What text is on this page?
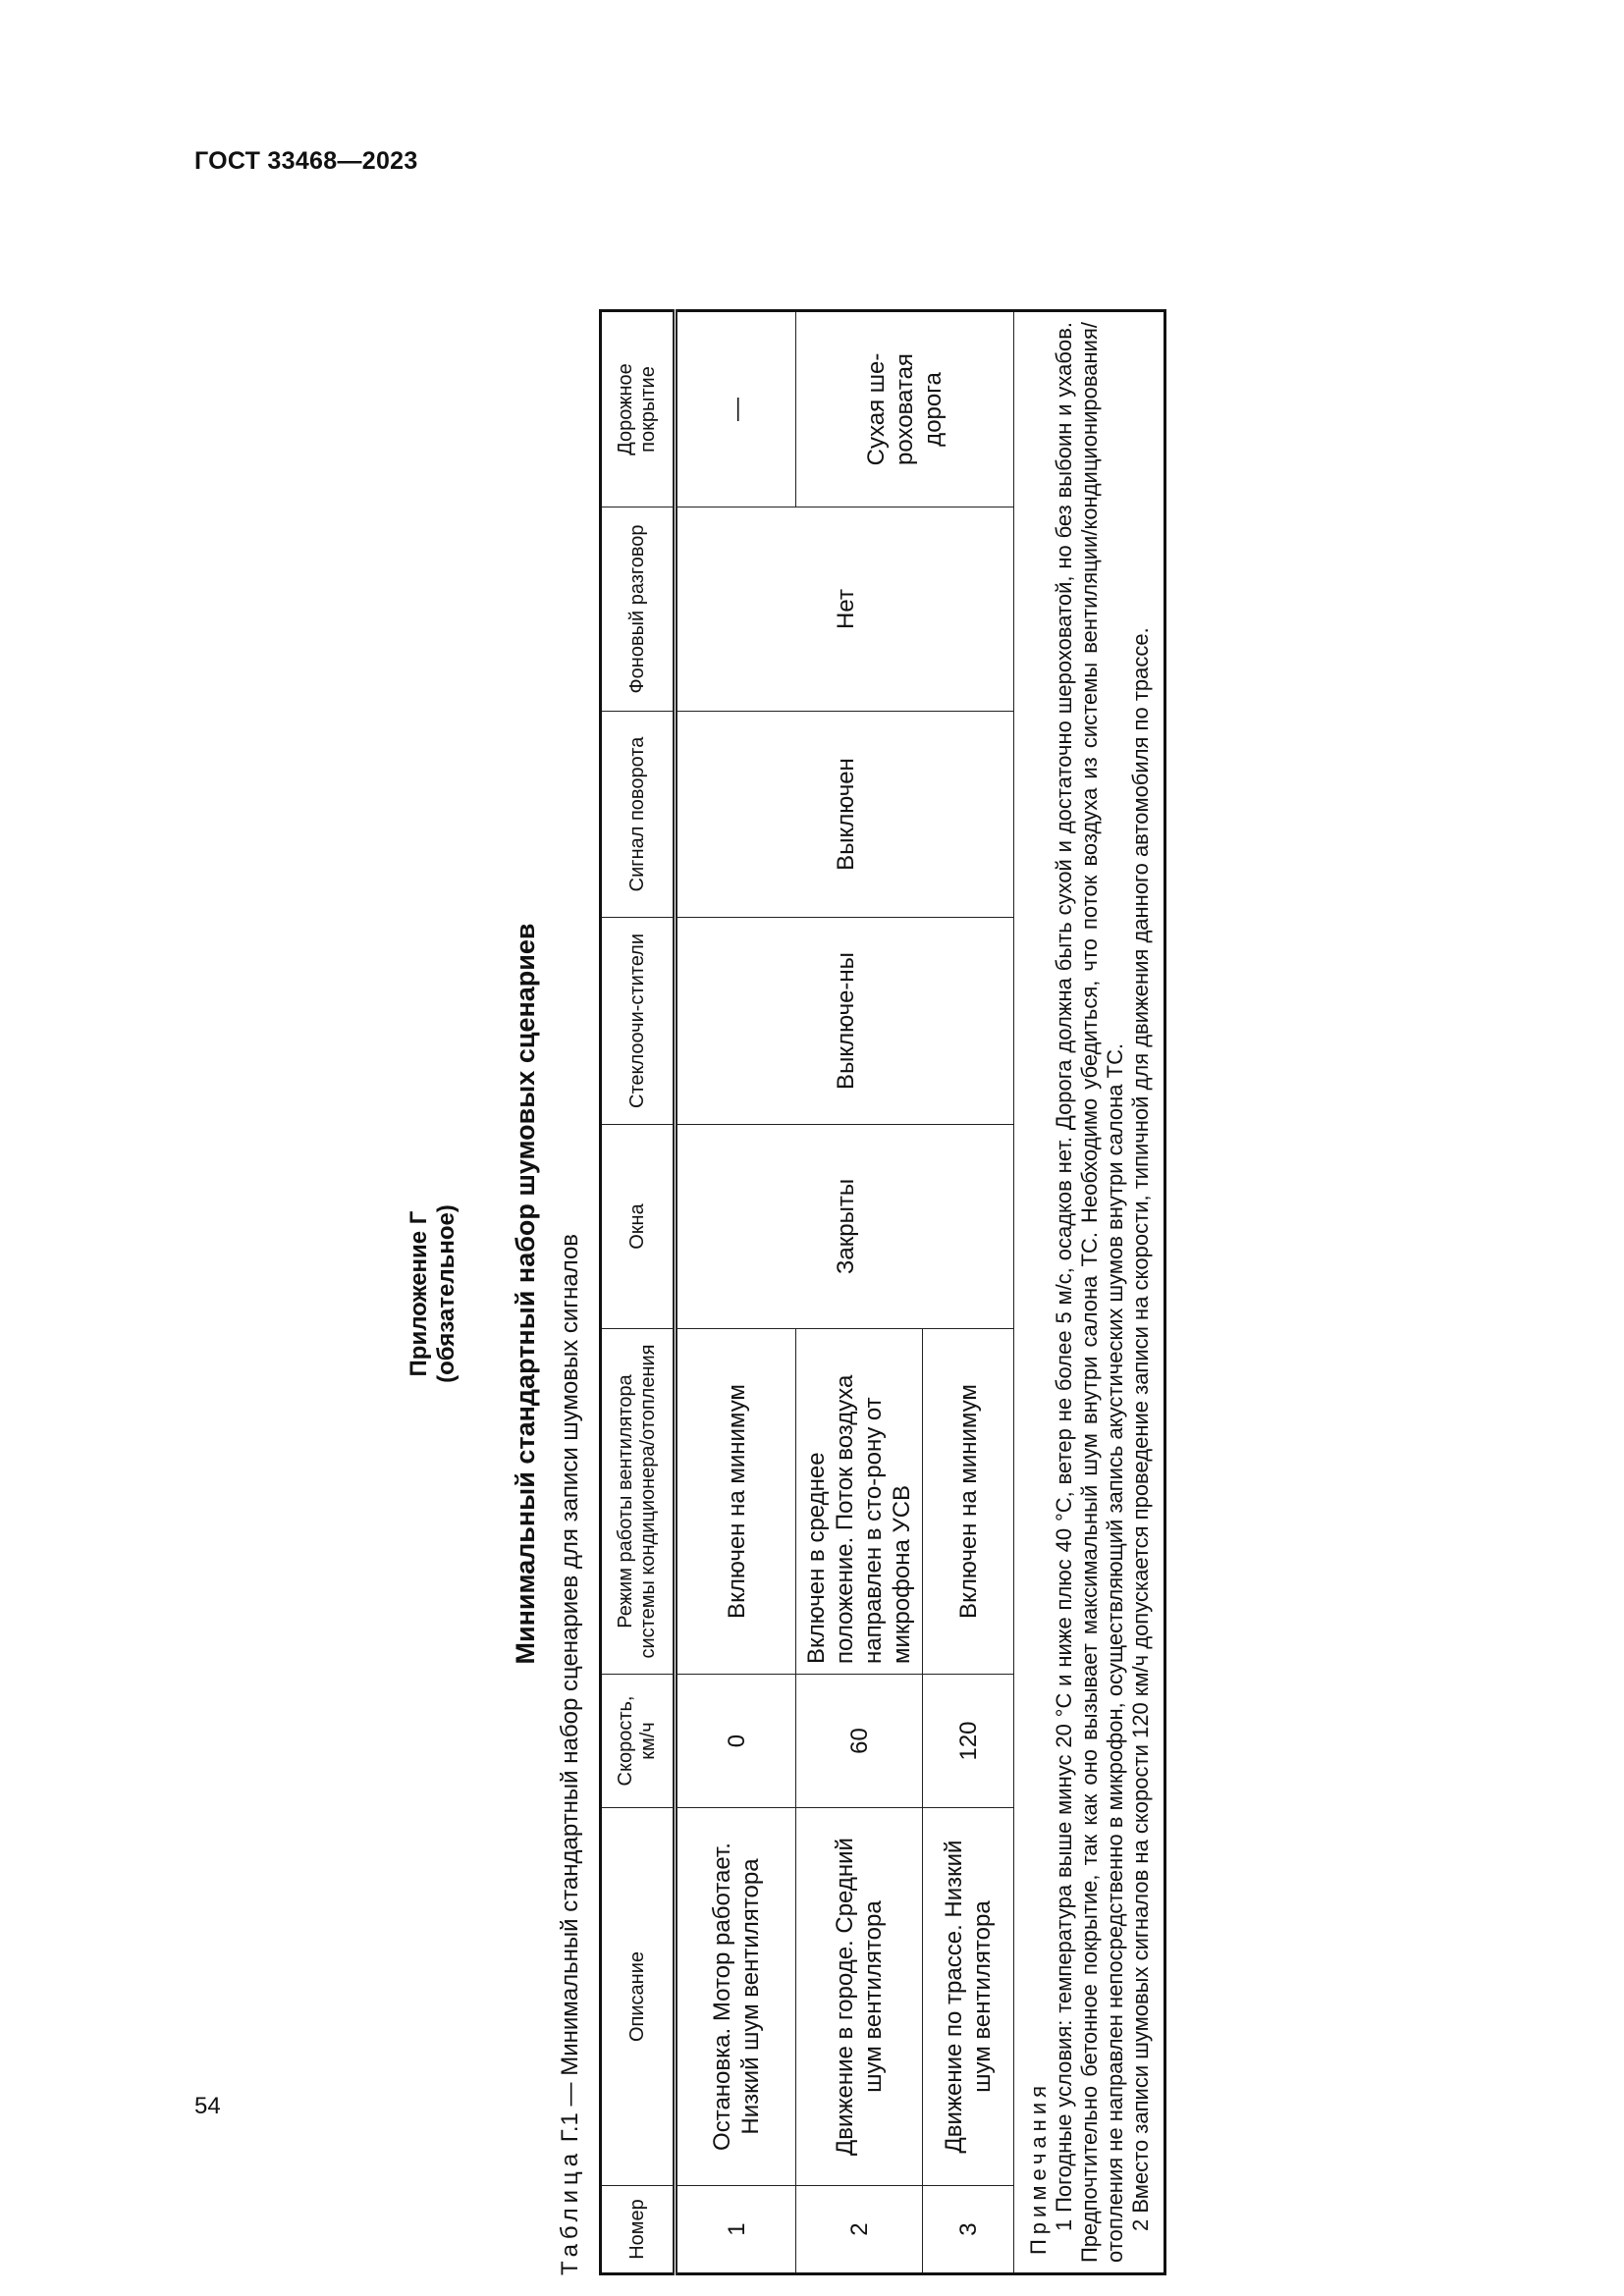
ГОСТ 33468—2023
Приложение Г (обязательное) Минимальный стандартный набор шумовых сценариев
Таблица Г.1 — Минимальный стандартный набор сценариев для записи шумовых сигналов
Номер	Описание	Скорость, км/ч	Режим работы вентилятора системы кондиционера/отопления	Окна	Стеклоочи-стители	Сигнал поворота	Фоновый разговор	Дорожное покрытие
1	Остановка. Мотор работает. Низкий шум вентилятора	0	Включен на минимум	Закрыты	Выключе-ны	Выключен	Нет	—
2	Движение в городе. Средний шум вентилятора	60	Включен в среднее положение. Поток воздуха направлен в сто-рону от микрофона УСВ					Сухая ше-роховатая дорога
3	Движение по трассе. Низкий шум вентилятора	120	Включен на минимум					

Примечания 1 Погодные условия: температура выше минус 20 °С и ниже плюс 40 °С, ветер не более 5 м/с, осадков нет. Дорога должна быть сухой и достаточно шероховатой, но без выбоин и ухабов. Предпочтительно бетонное покрытие, так как оно вызывает максимальный шум внутри салона ТС. Необходимо убедиться, что поток воздуха из системы вентиляции/кондиционирования/отопления не направлен непосредственно в микрофон, осуществляющий запись акустических шумов внутри салона ТС. 2 Вместо записи шумовых сигналов на скорости 120 км/ч допускается проведение записи на скорости, типичной для движения данного автомобиля по трассе.								
54
